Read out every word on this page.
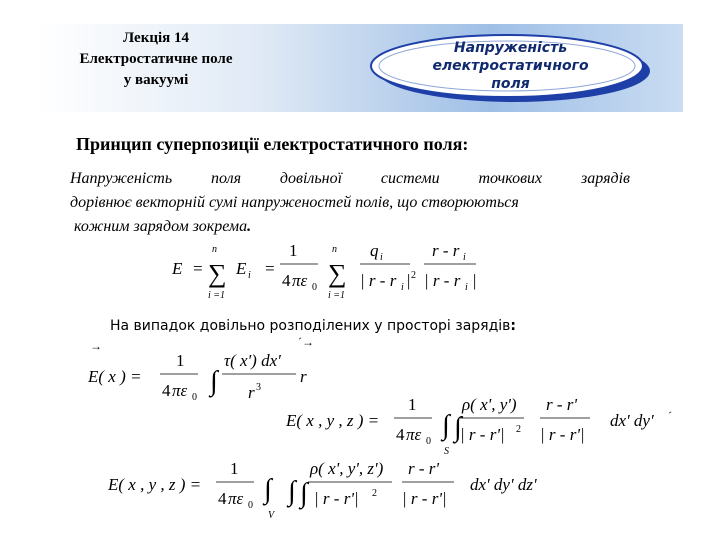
Лекція 14
Електростатичне поле
у вакуумі
Напруженість
електростатичного
поля
Принцип суперпозиції електростатичного поля:
Напруженість поля довільної системи точкових зарядів
дорівнює векторній сумі напруженостей полів, що створюються
кожним зарядом зокрема .
E =
n
∑
i =1
E i =
1
4 πε 0
n
∑
i =1
q i
| r - r i | 2
r - r i
| r - r i |
На випадок довільно розподілених у просторі зарядів:
→
E( x ) =
1
4 πε 0
∫
τ( x') dx'
´→
r 3
r
E( x , y , z ) =
1
4 πε 0
∫ ∫
S
ρ( x', y')
| r - r'| 2
r - r'
| r - r'|
dx' dy' ´
E( x , y , z ) =
1
4 πε 0
∫
V
∫ ∫
ρ( x', y', z')
| r - r'| 2
r - r'
| r - r'|
dx' dy' dz'
